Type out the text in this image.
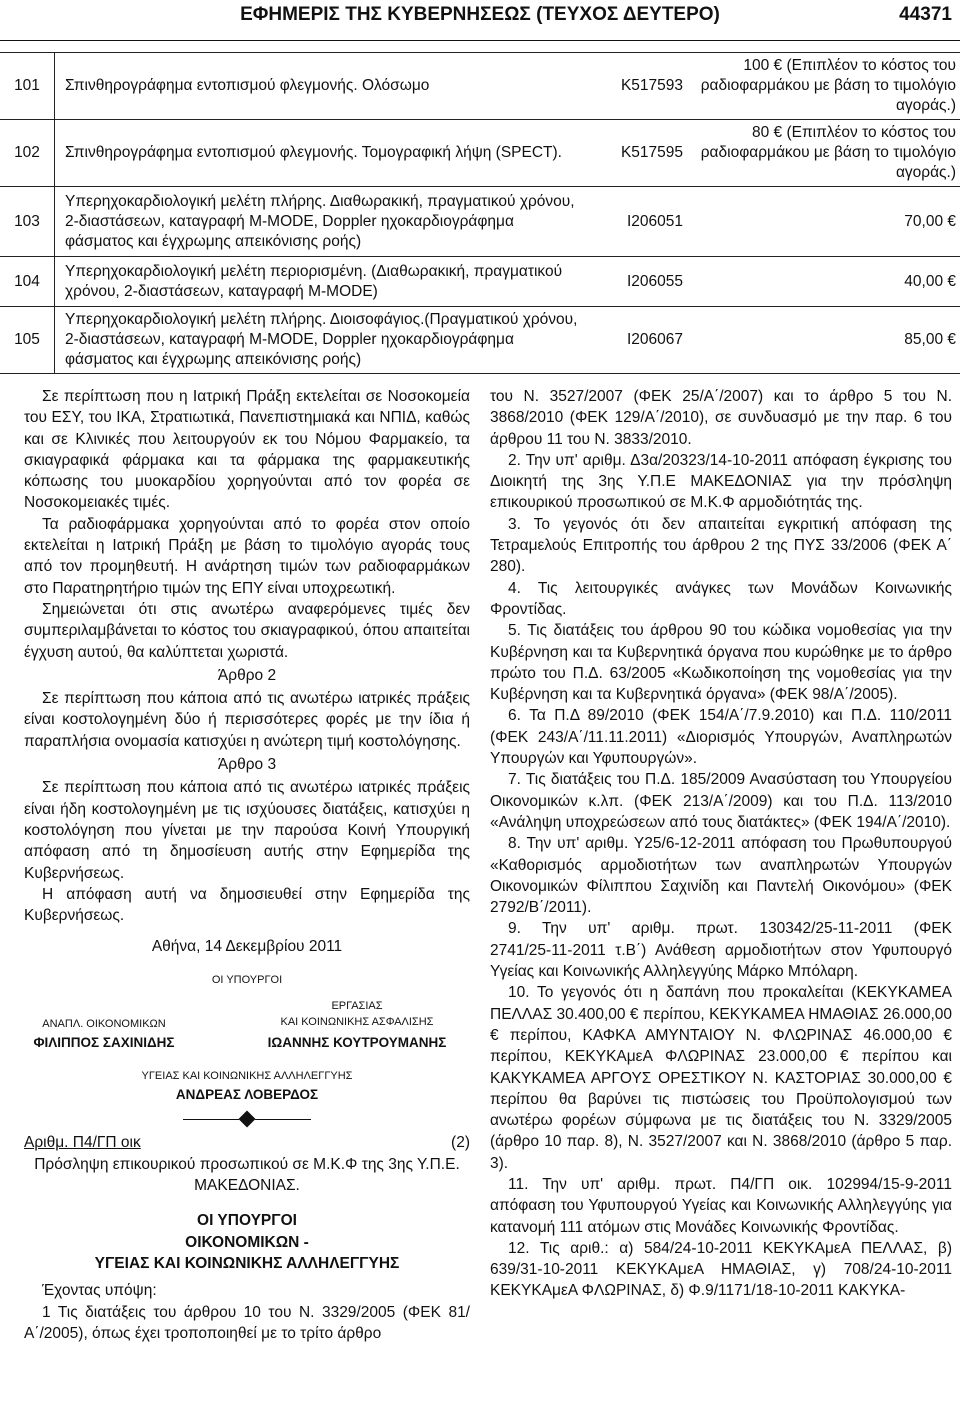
ΕΦΗΜΕΡΙΣ ΤΗΣ ΚΥΒΕΡΝΗΣΕΩΣ (ΤΕΥΧΟΣ ΔΕΥΤΕΡΟ)	44371
101	Σπινθηρογράφημα εντοπισμού φλεγμονής. Ολόσωμο	Κ517593	100 € (Επιπλέον το κόστος του ραδιοφαρμάκου με βάση το τιμολόγιο αγοράς.)
102	Σπινθηρογράφημα εντοπισμού φλεγμονής. Τομογραφική λήψη (SPECT).	Κ517595	80 € (Επιπλέον το κόστος του ραδιοφαρμάκου με βάση το τιμολόγιο αγοράς.)
103	Υπερηχοκαρδιολογική μελέτη πλήρης. Διαθωρακική, πραγματικού χρόνου, 2‑διαστάσεων, καταγραφή M‑MODE, Doppler ηχοκαρδιογράφημα φάσματος και έγχρωμης απεικόνισης ροής)	Ι206051	70,00 €
104	Υπερηχοκαρδιολογική μελέτη περιορισμένη. (Διαθωρακική, πραγματικού χρόνου, 2‑διαστάσεων, καταγραφή M‑MODE)	Ι206055	40,00 €
105	Υπερηχοκαρδιολογική μελέτη πλήρης. Διοισοφάγιος.(Πραγματικού χρόνου, 2‑διαστάσεων, καταγραφή M‑MODE, Doppler ηχοκαρδιογράφημα φάσματος και έγχρωμης απεικόνισης ροής)	Ι206067	85,00 €

Σε περίπτωση που η Ιατρική Πράξη εκτελείται σε Νοσοκομεία του ΕΣΥ, του ΙΚΑ, Στρατιωτικά, Πανεπιστημιακά και ΝΠΙΔ, καθώς και σε Κλινικές που λειτουργούν εκ του Νόμου Φαρμακείο, τα σκιαγραφικά φάρμακα και τα φάρμακα της φαρμακευτικής κόπωσης του μυοκαρδίου χορηγούνται από τον φορέα σε Νοσοκομειακές τιμές.

Τα ραδιοφάρμακα χορηγούνται από το φορέα στον οποίο εκτελείται η Ιατρική Πράξη με βάση το τιμολόγιο αγοράς τους από τον προμηθευτή. Η ανάρτηση τιμών των ραδιοφαρμάκων στο Παρατηρητήριο τιμών της ΕΠΥ είναι υποχρεωτική.

Σημειώνεται ότι στις ανωτέρω αναφερόμενες τιμές δεν συμπεριλαμβάνεται το κόστος του σκιαγραφικού, όπου απαιτείται έγχυση αυτού, θα καλύπτεται χωριστά.

Άρθρο 2

Σε περίπτωση που κάποια από τις ανωτέρω ιατρικές πράξεις είναι κοστολογημένη δύο ή περισσότερες φορές με την ίδια ή παραπλήσια ονομασία κατισχύει η ανώτερη τιμή κοστολόγησης.

Άρθρο 3

Σε περίπτωση που κάποια από τις ανωτέρω ιατρικές πράξεις είναι ήδη κοστολογημένη με τις ισχύουσες διατάξεις, κατισχύει η κοστολόγηση που γίνεται με την παρούσα Κοινή Υπουργική απόφαση από τη δημοσίευση αυτής στην Εφημερίδα της Κυβερνήσεως.

Η απόφαση αυτή να δημοσιευθεί στην Εφημερίδα της Κυβερνήσεως.

Αθήνα, 14 Δεκεμβρίου 2011
ΟΙ ΥΠΟΥΡΓΟΙ
ΑΝΑΠΛ. ΟΙΚΟΝΟΜΙΚΩΝ
ΦΙΛΙΠΠΟΣ ΣΑΧΙΝΙΔΗΣ
ΕΡΓΑΣΙΑΣ
ΚΑΙ ΚΟΙΝΩΝΙΚΗΣ ΑΣΦΑΛΙΣΗΣ
ΙΩΑΝΝΗΣ ΚΟΥΤΡΟΥΜΑΝΗΣ
ΥΓΕΙΑΣ ΚΑΙ ΚΟΙΝΩΝΙΚΗΣ ΑΛΛΗΛΕΓΓΥΗΣ
ΑΝΔΡΕΑΣ ΛΟΒΕΡΔΟΣ

Αριθμ. Π4/ΓΠ οικ	(2)

Πρόσληψη επικουρικού προσωπικού σε Μ.Κ.Φ της 3ης Υ.Π.Ε. ΜΑΚΕΔΟΝΙΑΣ.

ΟΙ ΥΠΟΥΡΓΟΙ

ΟΙΚΟΝΟΜΙΚΩΝ ‑

ΥΓΕΙΑΣ ΚΑΙ ΚΟΙΝΩΝΙΚΗΣ ΑΛΛΗΛΕΓΓΥΗΣ

Έχοντας υπόψη:

1 Τις διατάξεις του άρθρου 10 του Ν. 3329/2005 (ΦΕΚ 81/Α΄/2005), όπως έχει τροποποιηθεί με το τρίτο άρθρο

του Ν. 3527/2007 (ΦΕΚ 25/Α΄/2007) και το άρθρο 5 του Ν. 3868/2010 (ΦΕΚ 129/Α΄/2010), σε συνδυασμό με την παρ. 6 του άρθρου 11 του Ν. 3833/2010.

2. Την υπ' αριθμ. Δ3α/20323/14‑10‑2011 απόφαση έγκρισης του Διοικητή της 3ης Υ.Π.Ε ΜΑΚΕΔΟΝΙΑΣ για την πρόσληψη επικουρικού προσωπικού σε Μ.Κ.Φ αρμοδιότητάς της.

3. Το γεγονός ότι δεν απαιτείται εγκριτική απόφαση της Τετραμελούς Επιτροπής του άρθρου 2 της ΠΥΣ 33/2006 (ΦΕΚ Α΄ 280).

4. Τις λειτουργικές ανάγκες των Μονάδων Κοινωνικής Φροντίδας.

5. Τις διατάξεις του άρθρου 90 του κώδικα νομοθεσίας για την Κυβέρνηση και τα Κυβερνητικά όργανα που κυρώθηκε με το άρθρο πρώτο του Π.Δ. 63/2005 «Κωδικοποίηση της νομοθεσίας για την Κυβέρνηση και τα Κυβερνητικά όργανα» (ΦΕΚ 98/Α΄/2005).

6. Τα Π.Δ 89/2010 (ΦΕΚ 154/Α΄/7.9.2010) και Π.Δ. 110/2011 (ΦΕΚ 243/Α΄/11.11.2011) «Διορισμός Υπουργών, Αναπληρωτών Υπουργών και Υφυπουργών».

7. Τις διατάξεις του Π.Δ. 185/2009 Ανασύσταση του Υπουργείου Οικονομικών κ.λπ. (ΦΕΚ 213/Α΄/2009) και του Π.Δ. 113/2010 «Ανάληψη υποχρεώσεων από τους διατάκτες» (ΦΕΚ 194/Α΄/2010).

8. Την υπ' αριθμ. Υ25/6‑12‑2011 απόφαση του Πρωθυπουργού «Καθορισμός αρμοδιοτήτων των αναπληρωτών Υπουργών Οικονομικών Φίλιππου Σαχινίδη και Παντελή Οικονόμου» (ΦΕΚ 2792/Β΄/2011).

9. Την υπ' αριθμ. πρωτ. 130342/25‑11‑2011 (ΦΕΚ 2741/25‑11‑2011 τ.Β΄) Ανάθεση αρμοδιοτήτων στον Υφυπουργό Υγείας και Κοινωνικής Αλληλεγγύης Μάρκο Μπόλαρη.

10. Το γεγονός ότι η δαπάνη που προκαλείται (ΚΕΚΥΚΑΜΕΑ ΠΕΛΛΑΣ 30.400,00 € περίπου, ΚΕΚΥΚΑΜΕΑ ΗΜΑΘΙΑΣ 26.000,00 € περίπου, ΚΑΦΚΑ ΑΜΥΝΤΑΙΟΥ Ν. ΦΛΩΡΙΝΑΣ 46.000,00 € περίπου, ΚΕΚΥΚΑμεΑ ΦΛΩΡΙΝΑΣ 23.000,00 € περίπου και ΚΑΚΥΚΑΜΕΑ ΑΡΓΟΥΣ ΟΡΕΣΤΙΚΟΥ Ν. ΚΑΣΤΟΡΙΑΣ 30.000,00 € περίπου θα βαρύνει τις πιστώσεις του Προϋπολογισμού των ανωτέρω φορέων σύμφωνα με τις διατάξεις του Ν. 3329/2005 (άρθρο 10 παρ. 8), Ν. 3527/2007 και Ν. 3868/2010 (άρθρο 5 παρ. 3).

11. Την υπ' αριθμ. πρωτ. Π4/ΓΠ οικ. 102994/15‑9‑2011 απόφαση του Υφυπουργού Υγείας και Κοινωνικής Αλληλεγγύης για κατανομή 111 ατόμων στις Μονάδες Κοινωνικής Φροντίδας.

12. Τις αριθ.: α) 584/24‑10‑2011 ΚΕΚΥΚΑμεΑ ΠΕΛΛΑΣ, β) 639/31‑10‑2011 ΚΕΚΥΚΑμεΑ ΗΜΑΘΙΑΣ, γ) 708/24‑10‑2011 ΚΕΚΥΚΑμεΑ ΦΛΩΡΙΝΑΣ, δ) Φ.9/1171/18‑10‑2011 ΚΑΚΥΚΑ‑
